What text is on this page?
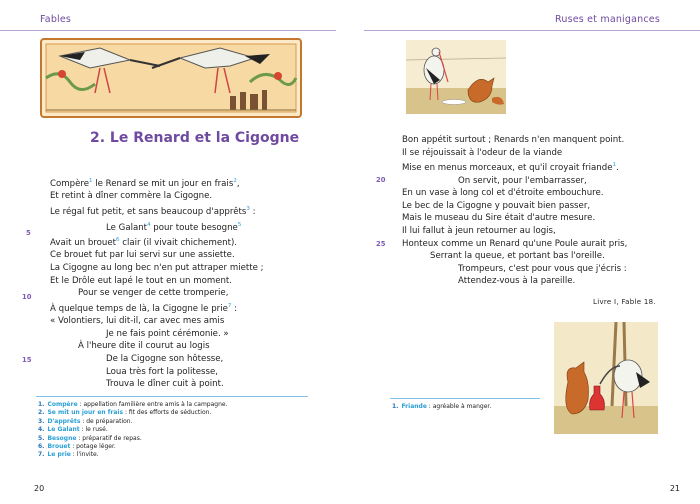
Fables
2. Le Renard et la Cigogne
Compère$^1$ le Renard se mit un jour en frais$^2$,
Et retint à dîner commère la Cigogne.
Le régal fut petit, et sans beaucoup d'apprêts$^3$ :
Le Galant$^4$ pour toute besogne$^5$
Avait un brouet$^6$ clair (il vivait chichement).
Ce brouet fut par lui servi sur une assiette.
La Cigogne au long bec n'en put attraper miette ;
Et le Drôle eut lapé le tout en un moment.
Pour se venger de cette tromperie,
À quelque temps de là, la Cigogne le prie$^7$ :
« Volontiers, lui dit-il, car avec mes amis
Je ne fais point cérémonie. »
À l'heure dite il courut au logis
De la Cigogne son hôtesse,
Loua très fort la politesse,
Trouva le dîner cuit à point.
5
10
15
1. Compère : appellation familière entre amis à la campagne.
2. Se mit un jour en frais : fit des efforts de séduction.
3. D'apprêts : de préparation.
4. Le Galant : le rusé.
5. Besogne : préparatif de repas.
6. Brouet : potage léger.
7. Le prie : l'invite.
20
Ruses et manigances
Bon appétit surtout ; Renards n'en manquent point.
Il se réjouissait à l'odeur de la viande
Mise en menus morceaux, et qu'il croyait friande$^1$.
On servit, pour l'embarrasser,
En un vase à long col et d'étroite embouchure.
Le bec de la Cigogne y pouvait bien passer,
Mais le museau du Sire était d'autre mesure.
Il lui fallut à jeun retourner au logis,
Honteux comme un Renard qu'une Poule aurait pris,
Serrant la queue, et portant bas l'oreille.
Trompeurs, c'est pour vous que j'écris :
Attendez-vous à la pareille.
20
25
Livre I, Fable 18.
1. Friande : agréable à manger.
21
